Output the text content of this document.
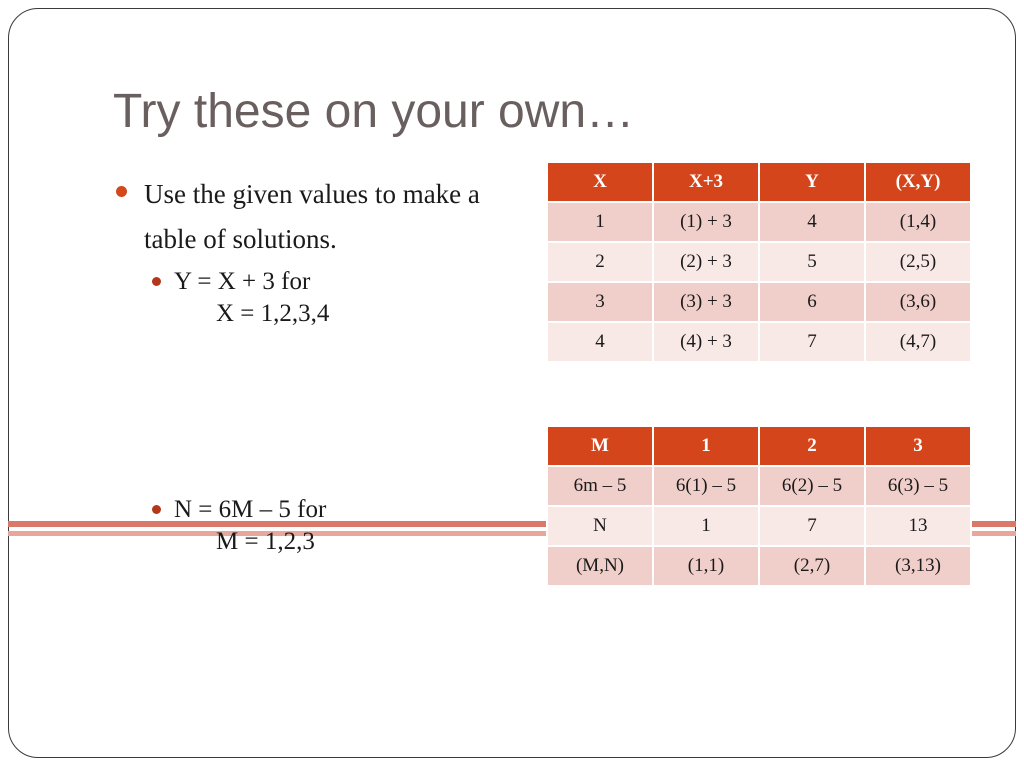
Try these on your own…
Use the given values to make a table of solutions.
Y = X + 3 for
X = 1,2,3,4
N = 6M – 5 for
M = 1,2,3
X	X+3	Y	(X,Y)
1	(1) + 3	4	(1,4)
2	(2) + 3	5	(2,5)
3	(3) + 3	6	(3,6)
4	(4) + 3	7	(4,7)
M	1	2	3
6m – 5	6(1) – 5	6(2) – 5	6(3) – 5
N	1	7	13
(M,N)	(1,1)	(2,7)	(3,13)
